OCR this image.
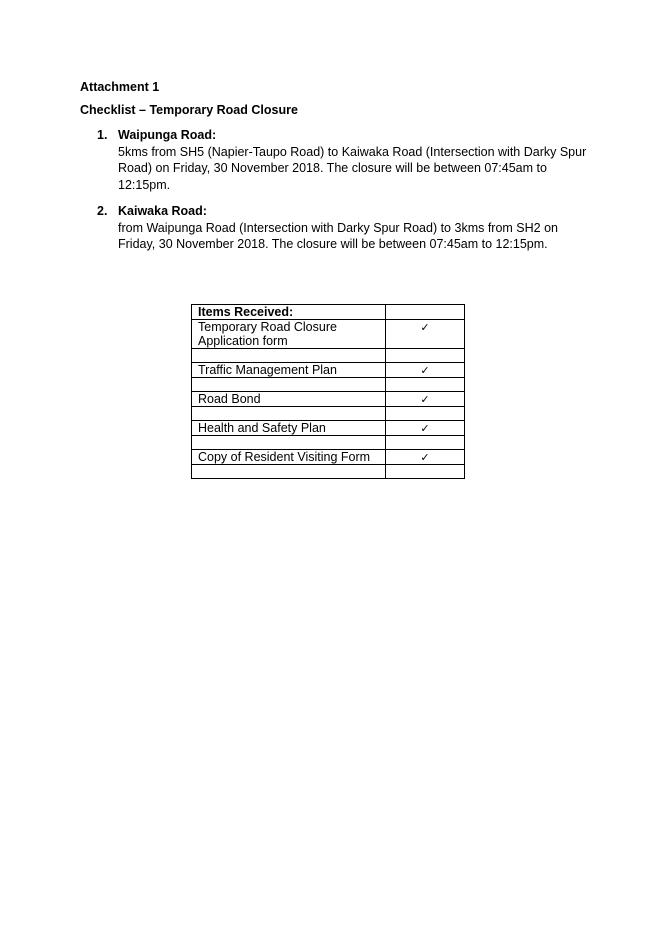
Attachment 1
Checklist – Temporary Road Closure
1. Waipunga Road:
5kms from SH5 (Napier-Taupo Road) to Kaiwaka Road (Intersection with Darky Spur
Road) on Friday, 30 November 2018. The closure will be between 07:45am to
12:15pm.
2. Kaiwaka Road:
from Waipunga Road (Intersection with Darky Spur Road) to 3kms from SH2 on
Friday, 30 November 2018. The closure will be between 07:45am to 12:15pm.
Items Received:	

Temporary Road Closure
Application form	✓

Traffic Management Plan	✓

Road Bond	✓

Health and Safety Plan	✓

Copy of Resident Visiting Form	✓
